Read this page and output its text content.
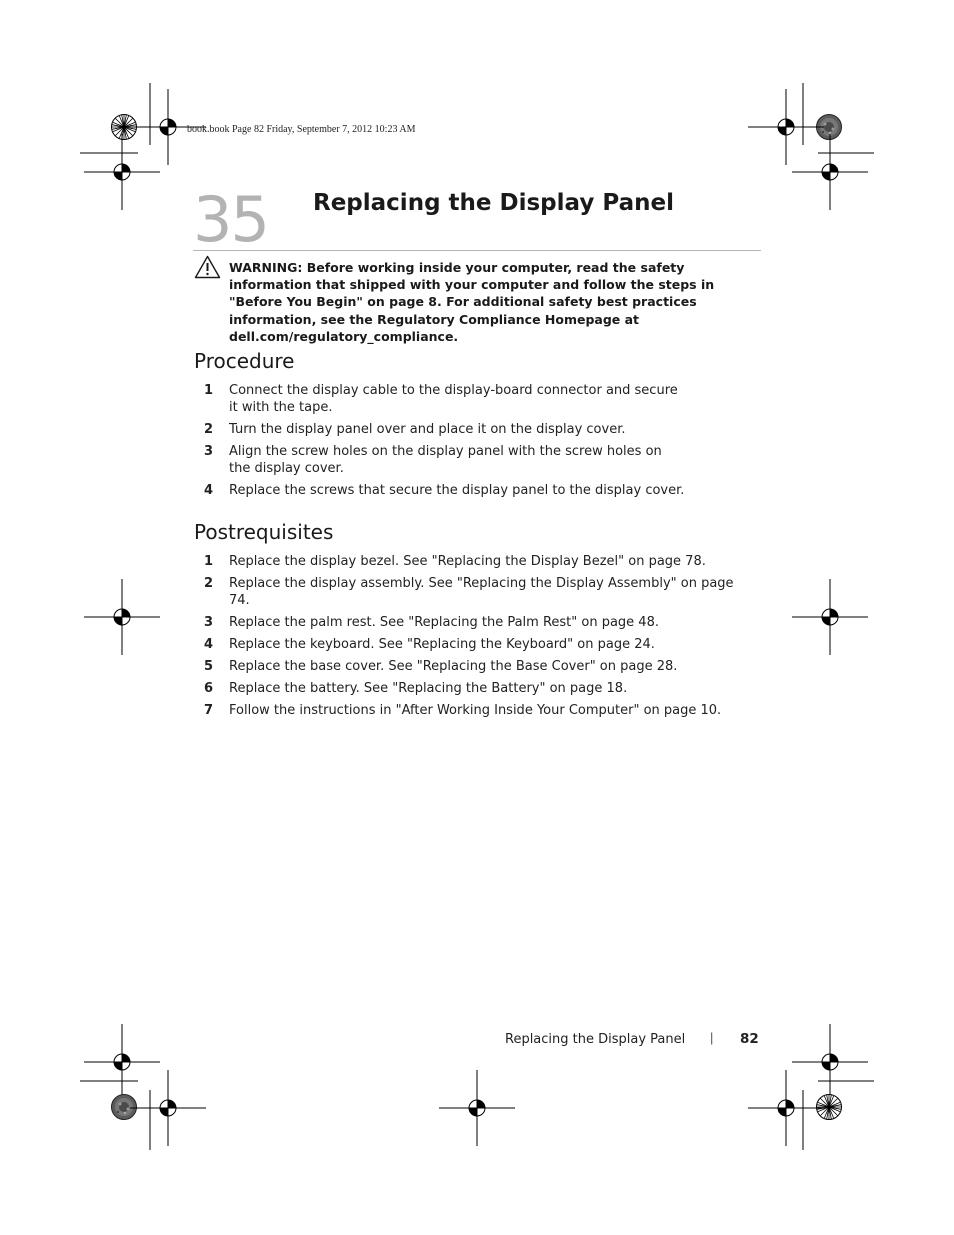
book.book Page 82 Friday, September 7, 2012 10:23 AM
35 Replacing the Display Panel
WARNING: Before working inside your computer, read the safety information that shipped with your computer and follow the steps in "Before You Begin" on page 8. For additional safety best practices information, see the Regulatory Compliance Homepage at dell.com/regulatory_compliance.
Procedure
1 Connect the display cable to the display-board connector and secure it with the tape.
2 Turn the display panel over and place it on the display cover.
3 Align the screw holes on the display panel with the screw holes on the display cover.
4 Replace the screws that secure the display panel to the display cover.
Postrequisites
1 Replace the display bezel. See "Replacing the Display Bezel" on page 78.
2 Replace the display assembly. See "Replacing the Display Assembly" on page 74.
3 Replace the palm rest. See "Replacing the Palm Rest" on page 48.
4 Replace the keyboard. See "Replacing the Keyboard" on page 24.
5 Replace the base cover. See "Replacing the Base Cover" on page 28.
6 Replace the battery. See "Replacing the Battery" on page 18.
7 Follow the instructions in "After Working Inside Your Computer" on page 10.
Replacing the Display Panel | 82
